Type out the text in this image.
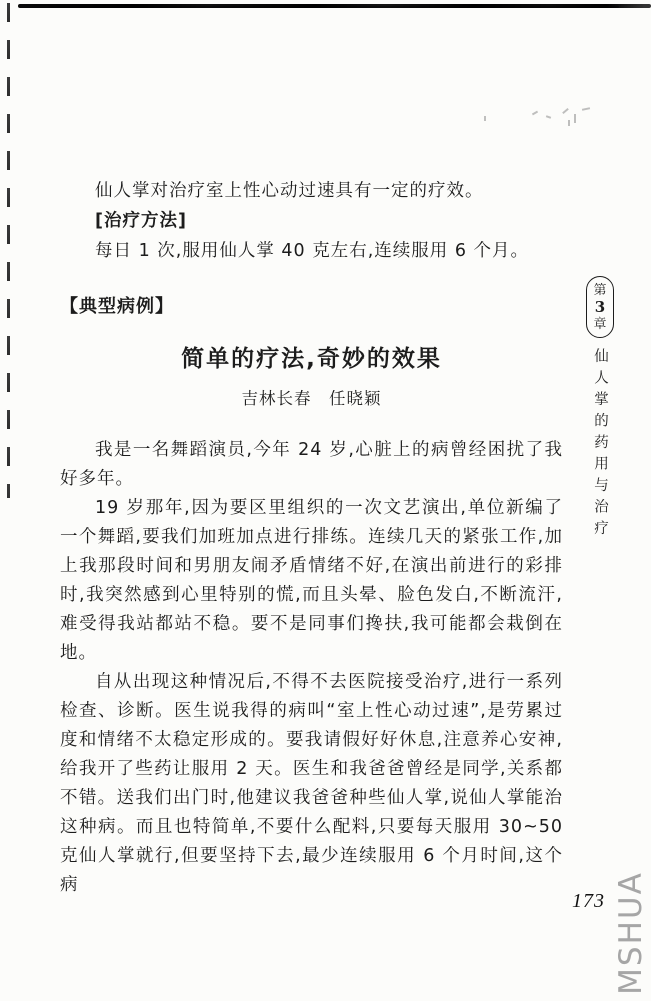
仙人掌对治疗室上性心动过速具有一定的疗效。

[治疗方法]

每日 1 次,服用仙人掌 40 克左右,连续服用 6 个月。

【典型病例】

简单的疗法,奇妙的效果

吉林长春　任晓颖

我是一名舞蹈演员,今年 24 岁,心脏上的病曾经困扰了我好多年。

19 岁那年,因为要区里组织的一次文艺演出,单位新编了一个舞蹈,要我们加班加点进行排练。连续几天的紧张工作,加上我那段时间和男朋友闹矛盾情绪不好,在演出前进行的彩排时,我突然感到心里特别的慌,而且头晕、脸色发白,不断流汗,难受得我站都站不稳。要不是同事们搀扶,我可能都会栽倒在地。

自从出现这种情况后,不得不去医院接受治疗,进行一系列检查、诊断。医生说我得的病叫“室上性心动过速”,是劳累过度和情绪不太稳定形成的。要我请假好好休息,注意养心安神,给我开了些药让服用 2 天。医生和我爸爸曾经是同学,关系都不错。送我们出门时,他建议我爸爸种些仙人掌,说仙人掌能治这种病。而且也特简单,不要什么配料,只要每天服用 30~50 克仙人掌就行,但要坚持下去,最少连续服用 6 个月时间,这个病

第
3
章
仙人掌的药用与治疗
173 MSHUA
